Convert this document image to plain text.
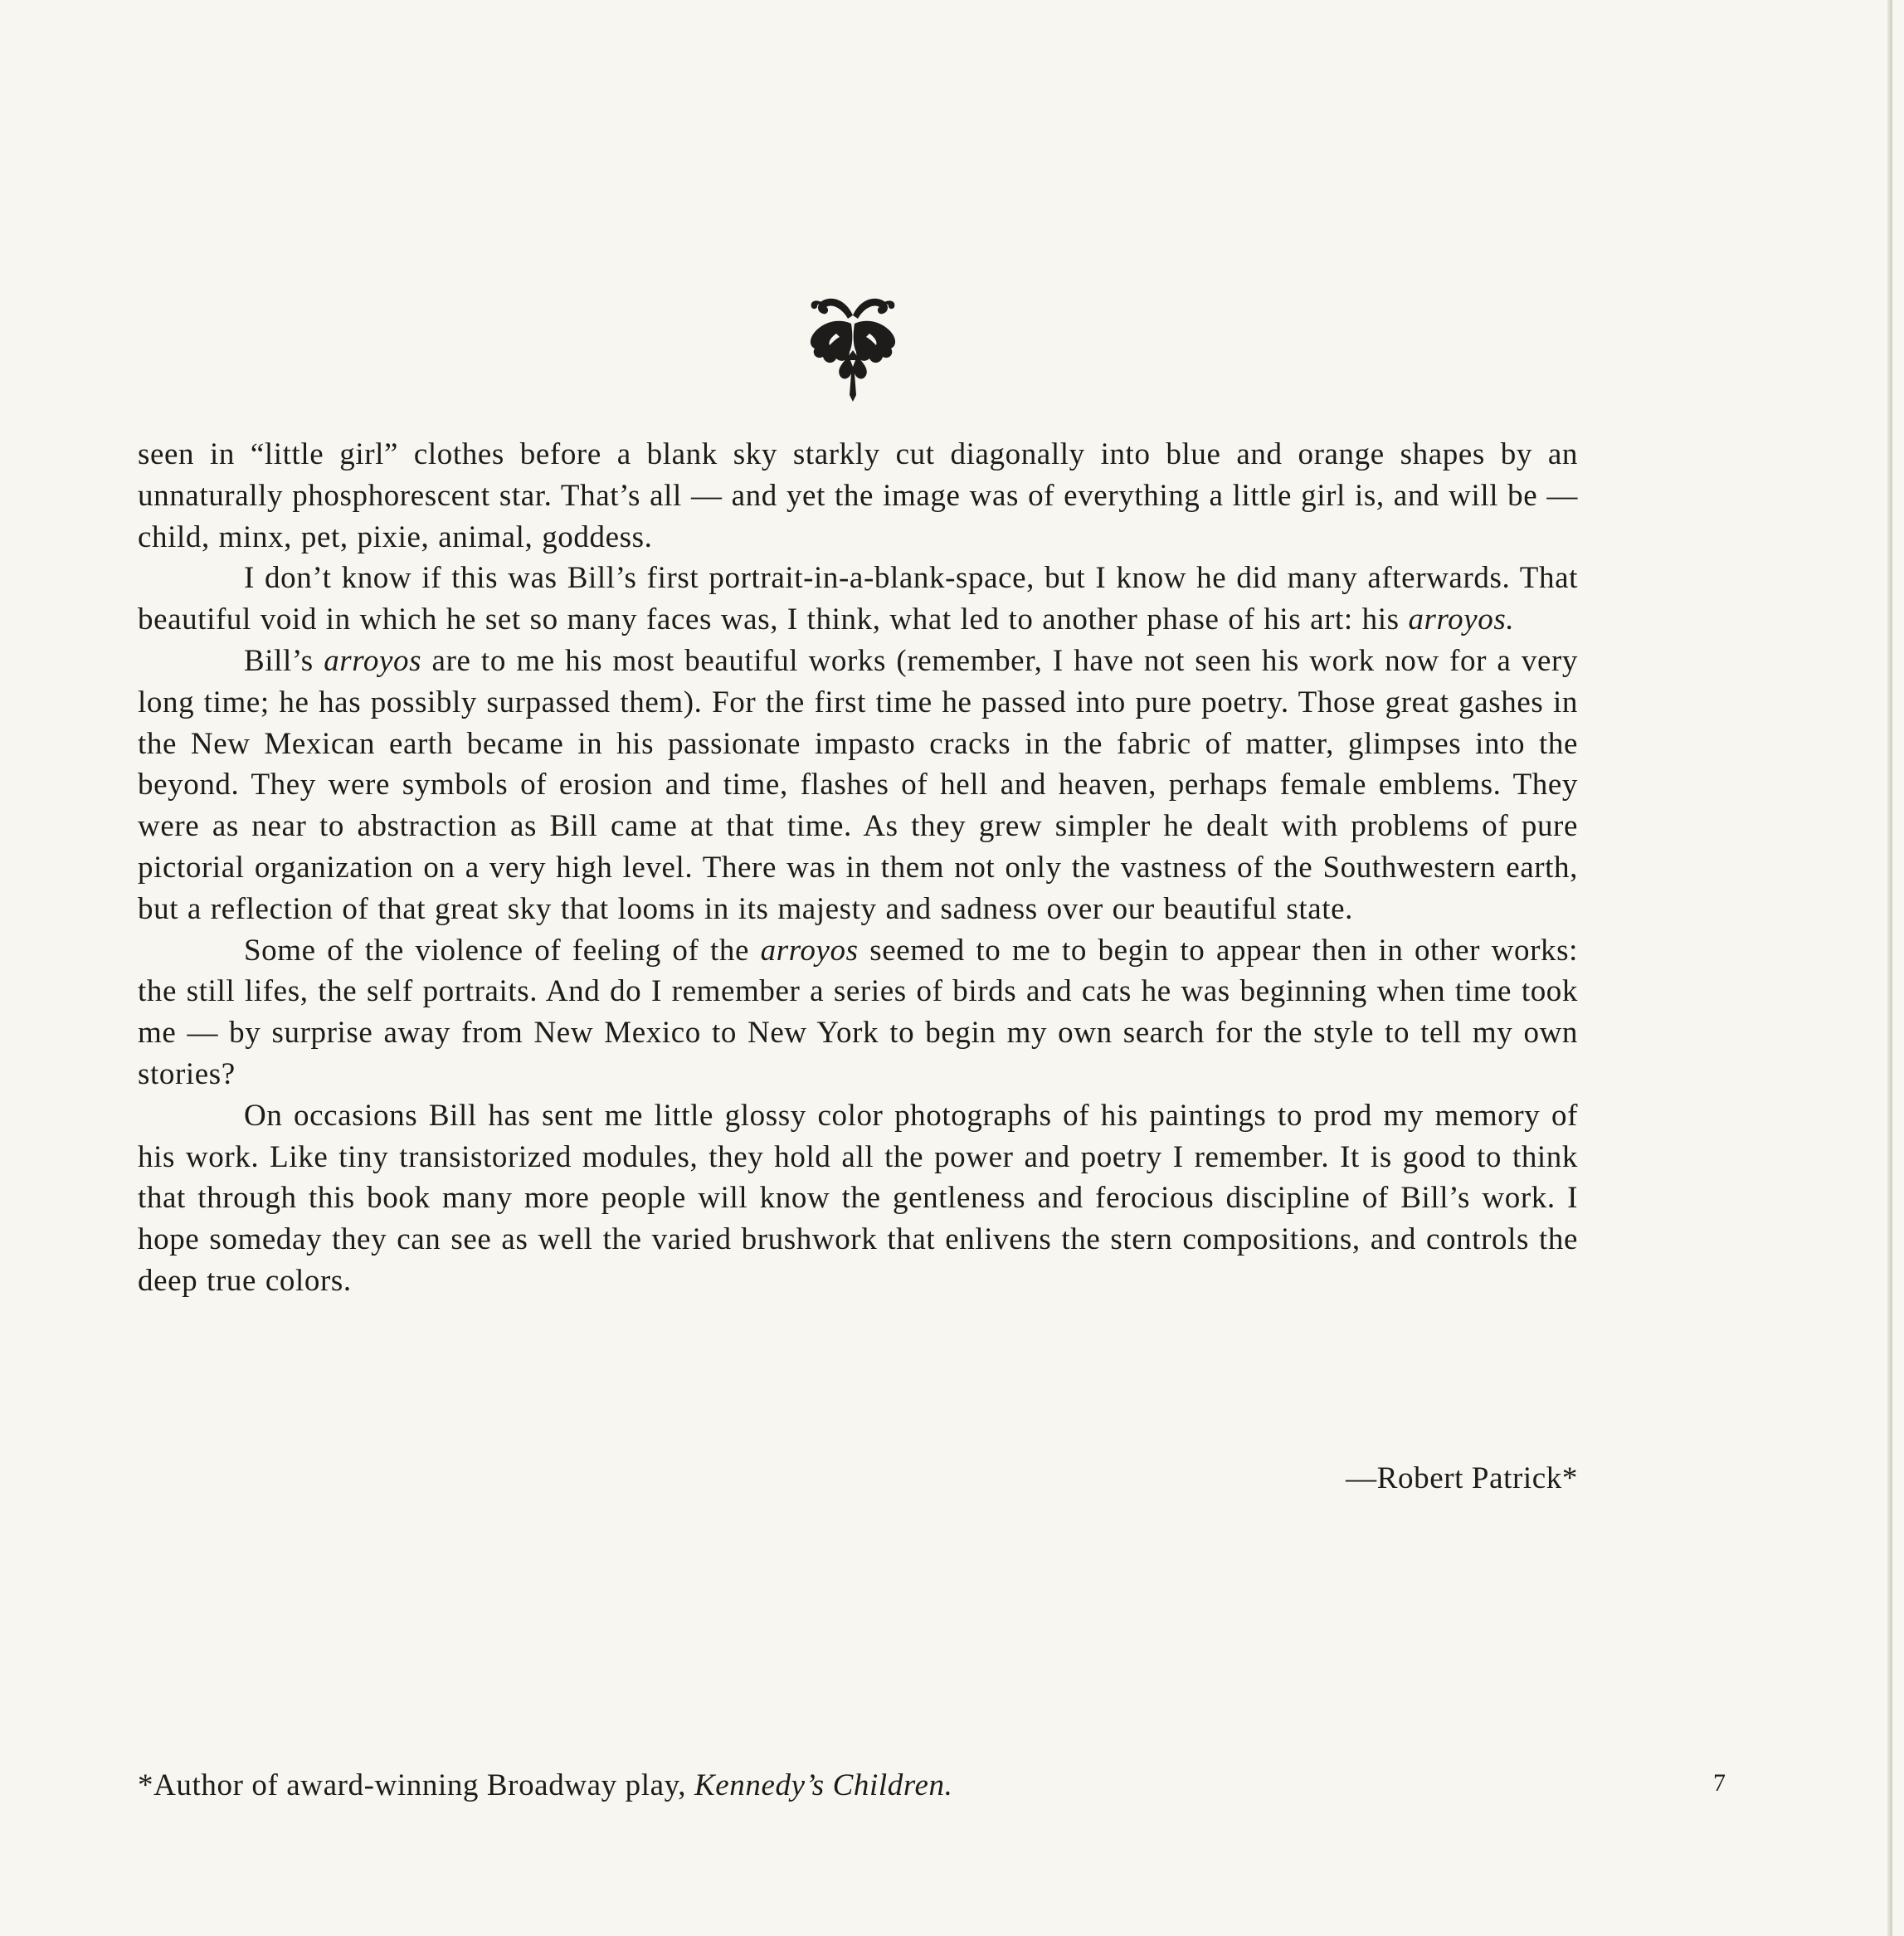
seen in “little girl” clothes before a blank sky starkly cut diagonally into blue and orange shapes by an unnaturally phosphorescent star. That’s all — and yet the image was of everything a little girl is, and will be — child, minx, pet, pixie, animal, goddess.

I don’t know if this was Bill’s first portrait-in-a-blank-space, but I know he did many afterwards. That beautiful void in which he set so many faces was, I think, what led to another phase of his art: his arroyos.

Bill’s arroyos are to me his most beautiful works (remember, I have not seen his work now for a very long time; he has possibly surpassed them). For the first time he passed into pure poetry. Those great gashes in the New Mexican earth became in his passionate impasto cracks in the fabric of matter, glimpses into the beyond. They were symbols of erosion and time, flashes of hell and heaven, perhaps female emblems. They were as near to abstraction as Bill came at that time. As they grew simpler he dealt with problems of pure pictorial organization on a very high level. There was in them not only the vastness of the Southwestern earth, but a reflection of that great sky that looms in its majesty and sadness over our beautiful state.

Some of the violence of feeling of the arroyos seemed to me to begin to appear then in other works: the still lifes, the self portraits. And do I remember a series of birds and cats he was beginning when time took me — by surprise away from New Mexico to New York to begin my own search for the style to tell my own stories?

On occasions Bill has sent me little glossy color photographs of his paintings to prod my memory of his work. Like tiny transistorized modules, they hold all the power and poetry I remember. It is good to think that through this book many more people will know the gentleness and ferocious discipline of Bill’s work. I hope someday they can see as well the varied brushwork that enlivens the stern compositions, and controls the deep true colors.

—Robert Patrick*
*Author of award-winning Broadway play, Kennedy’s Children.	7
